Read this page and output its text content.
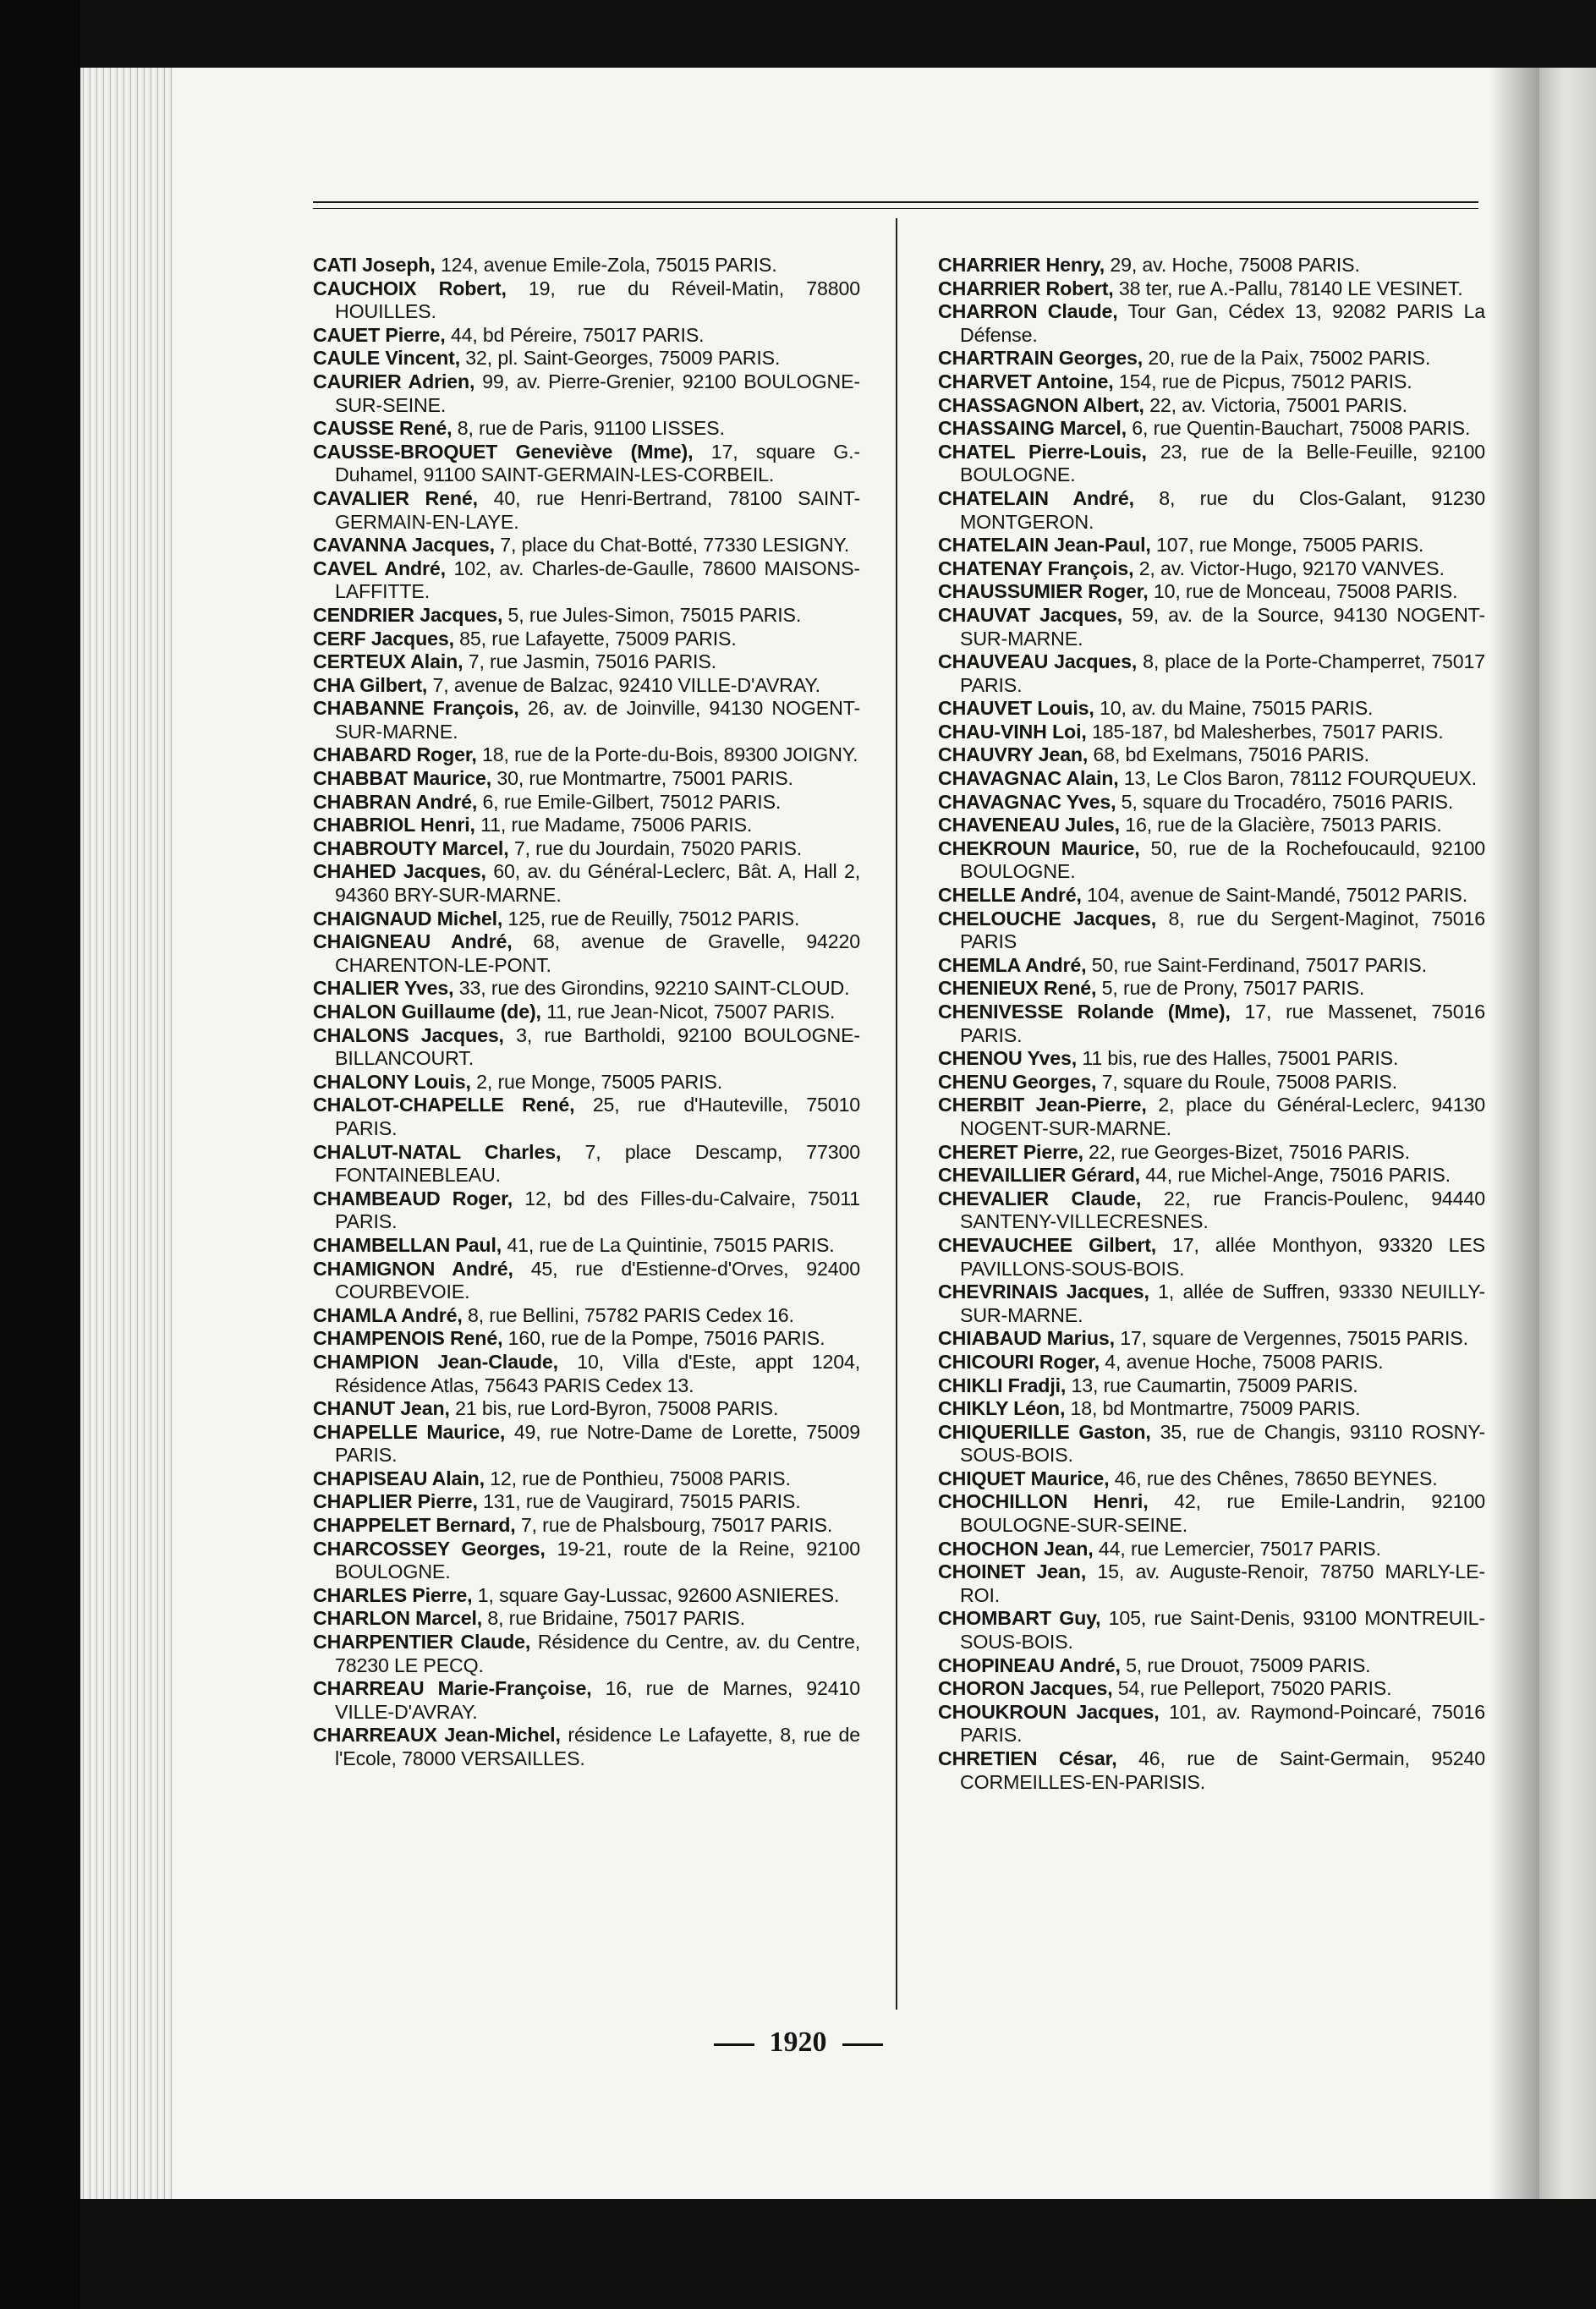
CATI Joseph, 124, avenue Emile-Zola, 75015 PARIS.

CAUCHOIX Robert, 19, rue du Réveil-Matin, 78800 HOUILLES.

CAUET Pierre, 44, bd Péreire, 75017 PARIS.

CAULE Vincent, 32, pl. Saint-Georges, 75009 PARIS.

CAURIER Adrien, 99, av. Pierre-Grenier, 92100 BOULOGNE-SUR-SEINE.

CAUSSE René, 8, rue de Paris, 91100 LISSES.

CAUSSE-BROQUET Geneviève (Mme), 17, square G.-Duhamel, 91100 SAINT-GERMAIN-LES-CORBEIL.

CAVALIER René, 40, rue Henri-Bertrand, 78100 SAINT-GERMAIN-EN-LAYE.

CAVANNA Jacques, 7, place du Chat-Botté, 77330 LESIGNY.

CAVEL André, 102, av. Charles-de-Gaulle, 78600 MAISONS-LAFFITTE.

CENDRIER Jacques, 5, rue Jules-Simon, 75015 PARIS.

CERF Jacques, 85, rue Lafayette, 75009 PARIS.

CERTEUX Alain, 7, rue Jasmin, 75016 PARIS.

CHA Gilbert, 7, avenue de Balzac, 92410 VILLE-D'AVRAY.

CHABANNE François, 26, av. de Joinville, 94130 NOGENT-SUR-MARNE.

CHABARD Roger, 18, rue de la Porte-du-Bois, 89300 JOIGNY.

CHABBAT Maurice, 30, rue Montmartre, 75001 PARIS.

CHABRAN André, 6, rue Emile-Gilbert, 75012 PARIS.

CHABRIOL Henri, 11, rue Madame, 75006 PARIS.

CHABROUTY Marcel, 7, rue du Jourdain, 75020 PARIS.

CHAHED Jacques, 60, av. du Général-Leclerc, Bât. A, Hall 2, 94360 BRY-SUR-MARNE.

CHAIGNAUD Michel, 125, rue de Reuilly, 75012 PARIS.

CHAIGNEAU André, 68, avenue de Gravelle, 94220 CHARENTON-LE-PONT.

CHALIER Yves, 33, rue des Girondins, 92210 SAINT-CLOUD.

CHALON Guillaume (de), 11, rue Jean-Nicot, 75007 PARIS.

CHALONS Jacques, 3, rue Bartholdi, 92100 BOULOGNE-BILLANCOURT.

CHALONY Louis, 2, rue Monge, 75005 PARIS.

CHALOT-CHAPELLE René, 25, rue d'Hauteville, 75010 PARIS.

CHALUT-NATAL Charles, 7, place Descamp, 77300 FONTAINEBLEAU.

CHAMBEAUD Roger, 12, bd des Filles-du-Calvaire, 75011 PARIS.

CHAMBELLAN Paul, 41, rue de La Quintinie, 75015 PARIS.

CHAMIGNON André, 45, rue d'Estienne-d'Orves, 92400 COURBEVOIE.

CHAMLA André, 8, rue Bellini, 75782 PARIS Cedex 16.

CHAMPENOIS René, 160, rue de la Pompe, 75016 PARIS.

CHAMPION Jean-Claude, 10, Villa d'Este, appt 1204, Résidence Atlas, 75643 PARIS Cedex 13.

CHANUT Jean, 21 bis, rue Lord-Byron, 75008 PARIS.

CHAPELLE Maurice, 49, rue Notre-Dame de Lorette, 75009 PARIS.

CHAPISEAU Alain, 12, rue de Ponthieu, 75008 PARIS.

CHAPLIER Pierre, 131, rue de Vaugirard, 75015 PARIS.

CHAPPELET Bernard, 7, rue de Phalsbourg, 75017 PARIS.

CHARCOSSEY Georges, 19-21, route de la Reine, 92100 BOULOGNE.

CHARLES Pierre, 1, square Gay-Lussac, 92600 ASNIERES.

CHARLON Marcel, 8, rue Bridaine, 75017 PARIS.

CHARPENTIER Claude, Résidence du Centre, av. du Centre, 78230 LE PECQ.

CHARREAU Marie-Françoise, 16, rue de Marnes, 92410 VILLE-D'AVRAY.

CHARREAUX Jean-Michel, résidence Le Lafayette, 8, rue de l'Ecole, 78000 VERSAILLES.

CHARRIER Henry, 29, av. Hoche, 75008 PARIS.

CHARRIER Robert, 38 ter, rue A.-Pallu, 78140 LE VESINET.

CHARRON Claude, Tour Gan, Cédex 13, 92082 PARIS La Défense.

CHARTRAIN Georges, 20, rue de la Paix, 75002 PARIS.

CHARVET Antoine, 154, rue de Picpus, 75012 PARIS.

CHASSAGNON Albert, 22, av. Victoria, 75001 PARIS.

CHASSAING Marcel, 6, rue Quentin-Bauchart, 75008 PARIS.

CHATEL Pierre-Louis, 23, rue de la Belle-Feuille, 92100 BOULOGNE.

CHATELAIN André, 8, rue du Clos-Galant, 91230 MONTGERON.

CHATELAIN Jean-Paul, 107, rue Monge, 75005 PARIS.

CHATENAY François, 2, av. Victor-Hugo, 92170 VANVES.

CHAUSSUMIER Roger, 10, rue de Monceau, 75008 PARIS.

CHAUVAT Jacques, 59, av. de la Source, 94130 NOGENT-SUR-MARNE.

CHAUVEAU Jacques, 8, place de la Porte-Champerret, 75017 PARIS.

CHAUVET Louis, 10, av. du Maine, 75015 PARIS.

CHAU-VINH Loi, 185-187, bd Malesherbes, 75017 PARIS.

CHAUVRY Jean, 68, bd Exelmans, 75016 PARIS.

CHAVAGNAC Alain, 13, Le Clos Baron, 78112 FOURQUEUX.

CHAVAGNAC Yves, 5, square du Trocadéro, 75016 PARIS.

CHAVENEAU Jules, 16, rue de la Glacière, 75013 PARIS.

CHEKROUN Maurice, 50, rue de la Rochefoucauld, 92100 BOULOGNE.

CHELLE André, 104, avenue de Saint-Mandé, 75012 PARIS.

CHELOUCHE Jacques, 8, rue du Sergent-Maginot, 75016 PARIS

CHEMLA André, 50, rue Saint-Ferdinand, 75017 PARIS.

CHENIEUX René, 5, rue de Prony, 75017 PARIS.

CHENIVESSE Rolande (Mme), 17, rue Massenet, 75016 PARIS.

CHENOU Yves, 11 bis, rue des Halles, 75001 PARIS.

CHENU Georges, 7, square du Roule, 75008 PARIS.

CHERBIT Jean-Pierre, 2, place du Général-Leclerc, 94130 NOGENT-SUR-MARNE.

CHERET Pierre, 22, rue Georges-Bizet, 75016 PARIS.

CHEVAILLIER Gérard, 44, rue Michel-Ange, 75016 PARIS.

CHEVALIER Claude, 22, rue Francis-Poulenc, 94440 SANTENY-VILLECRESNES.

CHEVAUCHEE Gilbert, 17, allée Monthyon, 93320 LES PAVILLONS-SOUS-BOIS.

CHEVRINAIS Jacques, 1, allée de Suffren, 93330 NEUILLY-SUR-MARNE.

CHIABAUD Marius, 17, square de Vergennes, 75015 PARIS.

CHICOURI Roger, 4, avenue Hoche, 75008 PARIS.

CHIKLI Fradji, 13, rue Caumartin, 75009 PARIS.

CHIKLY Léon, 18, bd Montmartre, 75009 PARIS.

CHIQUERILLE Gaston, 35, rue de Changis, 93110 ROSNY-SOUS-BOIS.

CHIQUET Maurice, 46, rue des Chênes, 78650 BEYNES.

CHOCHILLON Henri, 42, rue Emile-Landrin, 92100 BOULOGNE-SUR-SEINE.

CHOCHON Jean, 44, rue Lemercier, 75017 PARIS.

CHOINET Jean, 15, av. Auguste-Renoir, 78750 MARLY-LE-ROI.

CHOMBART Guy, 105, rue Saint-Denis, 93100 MONTREUIL-SOUS-BOIS.

CHOPINEAU André, 5, rue Drouot, 75009 PARIS.

CHORON Jacques, 54, rue Pelleport, 75020 PARIS.

CHOUKROUN Jacques, 101, av. Raymond-Poincaré, 75016 PARIS.

CHRETIEN César, 46, rue de Saint-Germain, 95240 CORMEILLES-EN-PARISIS.

1920
